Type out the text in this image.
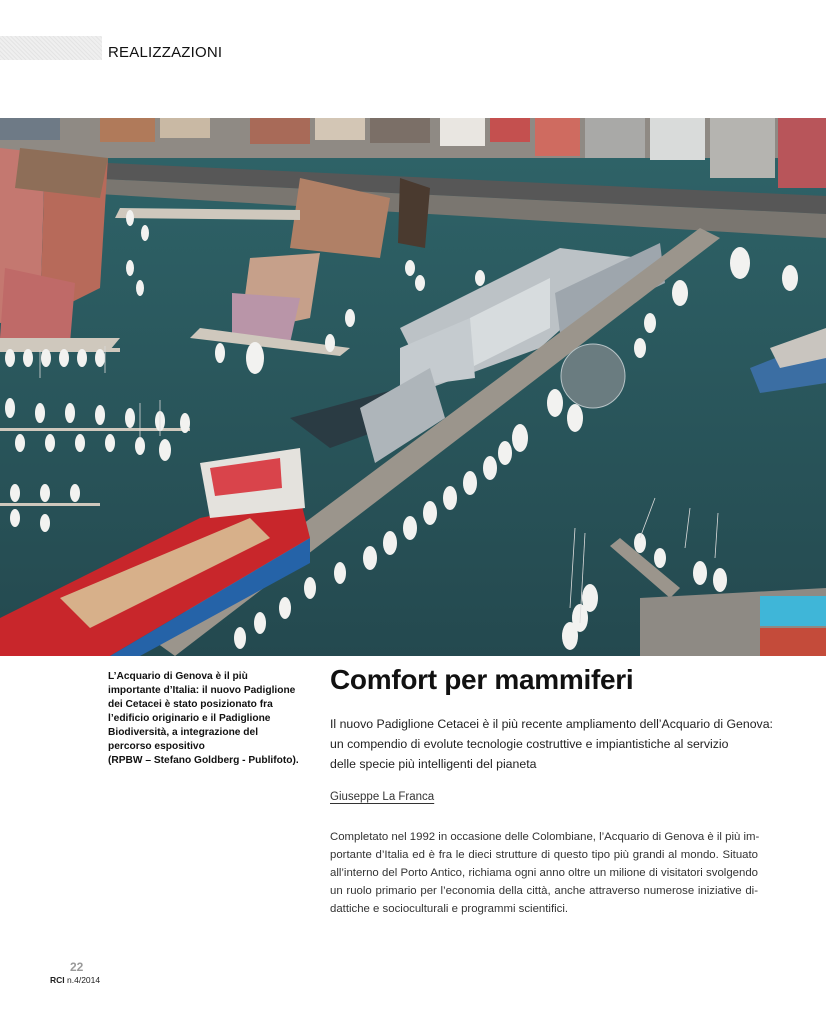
REALIZZAZIONI

L’Acquario di Genova è il più

importante d’Italia: il nuovo Padiglione

dei Cetacei è stato posizionato fra

l’edificio originario e il Padiglione

Biodiversità, a integrazione del

percorso espositivo

(RPBW – Stefano Goldberg - Publifoto).

Comfort per mammiferi
Il nuovo Padiglione Cetacei è il più recente ampliamento dell’Acquario di Genova:
un compendio di evolute tecnologie costruttive e impiantistiche al servizio
delle specie più intelligenti del pianeta
Giuseppe La Franca
Completato nel 1992 in occasione delle Colombiane, l’Acquario di Genova è il più im-
portante d’Italia ed è fra le dieci strutture di questo tipo più grandi al mondo. Situato
all’interno del Porto Antico, richiama ogni anno oltre un milione di visitatori svolgendo
un ruolo primario per l’economia della città, anche attraverso numerose iniziative di-
dattiche e socioculturali e programmi scientifici.
22
RCI n.4/2014
